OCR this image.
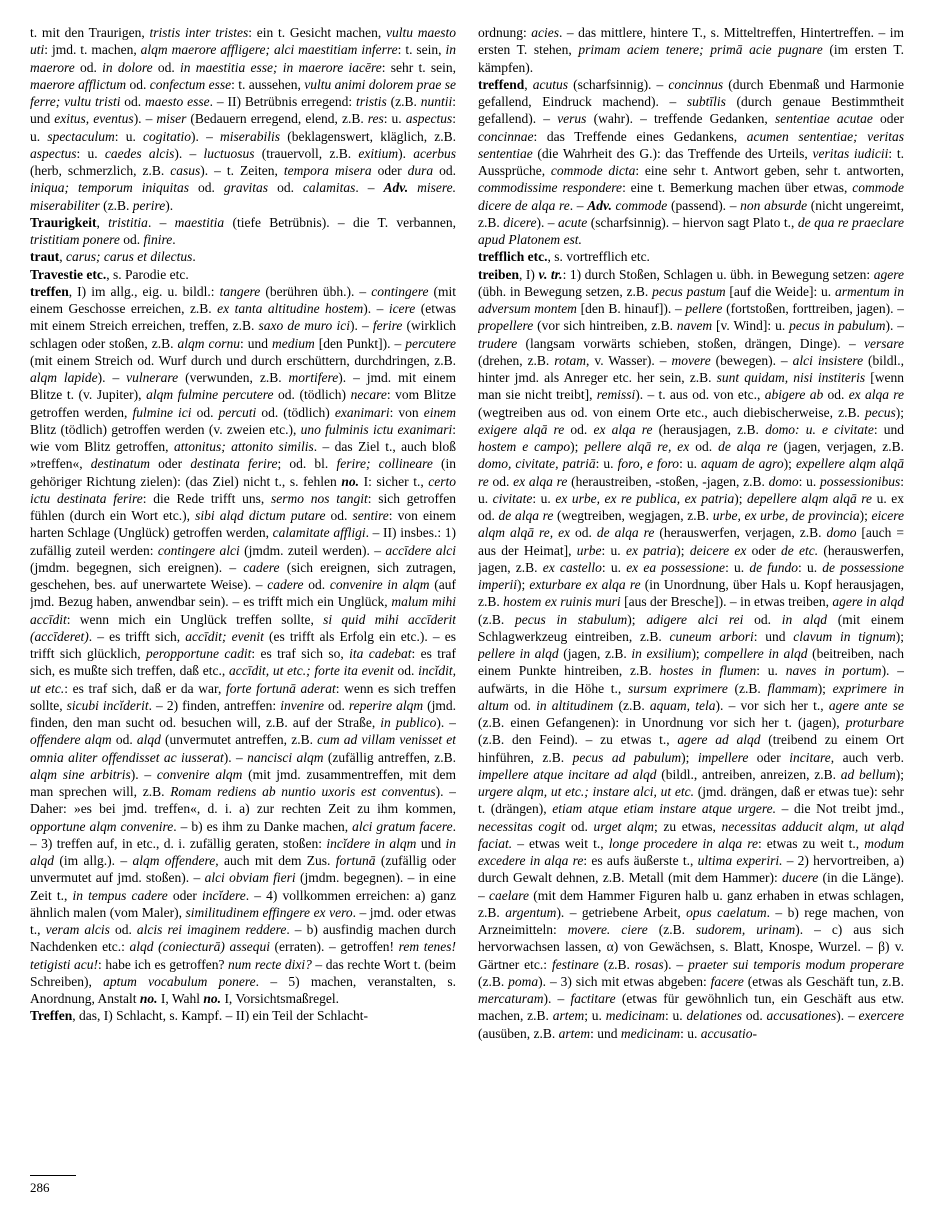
t. mit den Traurigen, tristis inter tristes: ein t. Gesicht machen, vultu maesto uti: jmd. t. machen, alqm maerore affligere; alci maestitiam inferre: t. sein, in maerore od. in dolore od. in maestitia esse; in maerore iacēre: sehr t. sein, maerore afflictum od. confectum esse: t. aussehen, vultu animi dolorem prae se ferre; vultu tristi od. maesto esse. – II) Betrübnis erregend: tristis (z.B. nuntii: und exitus, eventus). – miser (Bedauern erregend, elend, z.B. res: u. aspectus: u. spectaculum: u. cogitatio). – miserabilis (beklagenswert, kläglich, z.B. aspectus: u. caedes alcis). – luctuosus (trauervoll, z.B. exitium). acerbus (herb, schmerzlich, z.B. casus). – t. Zeiten, tempora misera oder dura od. iniqua; temporum iniquitas od. gravitas od. calamitas. – Adv. misere. miserabiliter (z.B. perire).

Traurigkeit, tristitia. – maestitia (tiefe Betrübnis). – die T. verbannen, tristitiam ponere od. finire.

traut, carus; carus et dilectus.

Travestie etc., s. Parodie etc.

treffen, I) im allg., eig. u. bildl.: tangere (berühren übh.). – contingere (mit einem Geschosse erreichen, z.B. ex tanta altitudine hostem). – icere (etwas mit einem Streich erreichen, treffen, z.B. saxo de muro ici). – ferire (wirklich schlagen oder stoßen, z.B. alqm cornu: und medium [den Punkt]). – percutere (mit einem Streich od. Wurf durch und durch erschüttern, durchdringen, z.B. alqm lapide). – vulnerare (verwunden, z.B. mortifere). – jmd. mit einem Blitze t. (v. Jupiter), alqm fulmine percutere od. (tödlich) necare: vom Blitze getroffen werden, fulmine ici od. percuti od. (tödlich) exanimari: von einem Blitz (tödlich) getroffen werden (v. zweien etc.), uno fulminis ictu exanimari: wie vom Blitz getroffen, attonitus; attonito similis. – das Ziel t., auch bloß »treffen«, destinatum oder destinata ferire; od. bl. ferire; collineare (in gehöriger Richtung zielen): (das Ziel) nicht t., s. fehlen no. I: sicher t., certo ictu destinata ferire: die Rede trifft uns, sermo nos tangit: sich getroffen fühlen (durch ein Wort etc.), sibi alqd dictum putare od. sentire: von einem harten Schlage (Unglück) getroffen werden, calamitate affligi. – II) insbes.: 1) zufällig zuteil werden: contingere alci (jmdm. zuteil werden). – accīdere alci (jmdm. begegnen, sich ereignen). – cadere (sich ereignen, sich zutragen, geschehen, bes. auf unerwartete Weise). – cadere od. convenire in alqm (auf jmd. Bezug haben, anwendbar sein). – es trifft mich ein Unglück, malum mihi accīdit: wenn mich ein Unglück treffen sollte, si quid mihi accīderit (accīderet). – es trifft sich, accīdit; evenit (es trifft als Erfolg ein etc.). – es trifft sich glücklich, peropportune cadit: es traf sich so, ita cadebat: es traf sich, es mußte sich treffen, daß etc., accīdit, ut etc.; forte ita evenit od. incĭdit, ut etc.: es traf sich, daß er da war, forte fortunā aderat: wenn es sich treffen sollte, sicubi incĭderit. – 2) finden, antreffen: invenire od. reperire alqm (jmd. finden, den man sucht od. besuchen will, z.B. auf der Straße, in publico). – offendere alqm od. alqd (unvermutet antreffen, z.B. cum ad villam venisset et omnia aliter offendisset ac iusserat). – nancisci alqm (zufällig antreffen, z.B. alqm sine arbitris). – convenire alqm (mit jmd. zusammentreffen, mit dem man sprechen will, z.B. Romam rediens ab nuntio uxoris est conventus). – Daher: »es bei jmd. treffen«, d. i. a) zur rechten Zeit zu ihm kommen, opportune alqm convenire. – b) es ihm zu Danke machen, alci gratum facere. – 3) treffen auf, in etc., d. i. zufällig geraten, stoßen: incĭdere in alqm und in alqd (im allg.). – alqm offendere, auch mit dem Zus. fortunā (zufällig oder unvermutet auf jmd. stoßen). – alci obviam fieri (jmdm. begegnen). – in eine Zeit t., in tempus cadere oder incĭdere. – 4) vollkommen erreichen: a) ganz ähnlich malen (vom Maler), similitudinem effingere ex vero. – jmd. oder etwas t., veram alcis od. alcis rei imaginem reddere. – b) ausfindig machen durch Nachdenken etc.: alqd (coniecturā) assequi (erraten). – getroffen! rem tenes! tetigisti acu!: habe ich es getroffen? num recte dixi? – das rechte Wort t. (beim Schreiben), aptum vocabulum ponere. – 5) machen, veranstalten, s. Anordnung, Anstalt no. I, Wahl no. I, Vorsichtsmaßregel.

Treffen, das, I) Schlacht, s. Kampf. – II) ein Teil der Schlacht-

ordnung: acies. – das mittlere, hintere T., s. Mitteltreffen, Hintertreffen. – im ersten T. stehen, primam aciem tenere; primā acie pugnare (im ersten T. kämpfen).

treffend, acutus (scharfsinnig). – concinnus (durch Ebenmaß und Harmonie gefallend, Eindruck machend). – subtīlis (durch genaue Bestimmtheit gefallend). – verus (wahr). – treffende Gedanken, sententiae acutae oder concinnae: das Treffende eines Gedankens, acumen sententiae; veritas sententiae (die Wahrheit des G.): das Treffende des Urteils, veritas iudicii: t. Aussprüche, commode dicta: eine sehr t. Antwort geben, sehr t. antworten, commodissime respondere: eine t. Bemerkung machen über etwas, commode dicere de alqa re. – Adv. commode (passend). – non absurde (nicht ungereimt, z.B. dicere). – acute (scharfsinnig). – hiervon sagt Plato t., de qua re praeclare apud Platonem est.

trefflich etc., s. vortrefflich etc.

treiben, I) v. tr.: 1) durch Stoßen, Schlagen u. übh. in Bewegung setzen: agere (übh. in Bewegung setzen, z.B. pecus pastum [auf die Weide]: u. armentum in adversum montem [den B. hinauf]). – pellere (fortstoßen, forttreiben, jagen). – propellere (vor sich hintreiben, z.B. navem [v. Wind]: u. pecus in pabulum). – trudere (langsam vorwärts schieben, stoßen, drängen, Dinge). – versare (drehen, z.B. rotam, v. Wasser). – movere (bewegen). – alci insistere (bildl., hinter jmd. als Anreger etc. her sein, z.B. sunt quidam, nisi institeris [wenn man sie nicht treibt], remissi). – t. aus od. von etc., abigere ab od. ex alqa re (wegtreiben aus od. von einem Orte etc., auch diebischerweise, z.B. pecus); exigere alqā re od. ex alqa re (herausjagen, z.B. domo: u. e civitate: und hostem e campo); pellere alqā re, ex od. de alqa re (jagen, verjagen, z.B. domo, civitate, patriā: u. foro, e foro: u. aquam de agro); expellere alqm alqā re od. ex alqa re (heraustreiben, -stoßen, -jagen, z.B. domo: u. possessionibus: u. civitate: u. ex urbe, ex re publica, ex patria); depellere alqm alqā re u. ex od. de alqa re (wegtreiben, wegjagen, z.B. urbe, ex urbe, de provincia); eicere alqm alqā re, ex od. de alqa re (herauswerfen, verjagen, z.B. domo [auch = aus der Heimat], urbe: u. ex patria); deicere ex oder de etc. (herauswerfen, jagen, z.B. ex castello: u. ex ea possessione: u. de fundo: u. de possessione imperii); exturbare ex alqa re (in Unordnung, über Hals u. Kopf herausjagen, z.B. hostem ex ruinis muri [aus der Bresche]). – in etwas treiben, agere in alqd (z.B. pecus in stabulum); adigere alci rei od. in alqd (mit einem Schlagwerkzeug eintreiben, z.B. cuneum arbori: und clavum in tignum); pellere in alqd (jagen, z.B. in exsilium); compellere in alqd (beitreiben, nach einem Punkte hintreiben, z.B. hostes in flumen: u. naves in portum). – aufwärts, in die Höhe t., sursum exprimere (z.B. flammam); exprimere in altum od. in altitudinem (z.B. aquam, tela). – vor sich her t., agere ante se (z.B. einen Gefangenen): in Unordnung vor sich her t. (jagen), proturbare (z.B. den Feind). – zu etwas t., agere ad alqd (treibend zu einem Ort hinführen, z.B. pecus ad pabulum); impellere oder incitare, auch verb. impellere atque incitare ad alqd (bildl., antreiben, anreizen, z.B. ad bellum); urgere alqm, ut etc.; instare alci, ut etc. (jmd. drängen, daß er etwas tue): sehr t. (drängen), etiam atque etiam instare atque urgere. – die Not treibt jmd., necessitas cogit od. urget alqm; zu etwas, necessitas adducit alqm, ut alqd faciat. – etwas weit t., longe procedere in alqa re: etwas zu weit t., modum excedere in alqa re: es aufs äußerste t., ultima experiri. – 2) hervortreiben, a) durch Gewalt dehnen, z.B. Metall (mit dem Hammer): ducere (in die Länge). – caelare (mit dem Hammer Figuren halb u. ganz erhaben in etwas schlagen, z.B. argentum). – getriebene Arbeit, opus caelatum. – b) rege machen, von Arzneimitteln: movere. ciere (z.B. sudorem, urinam). – c) aus sich hervorwachsen lassen, α) von Gewächsen, s. Blatt, Knospe, Wurzel. – β) v. Gärtner etc.: festinare (z.B. rosas). – praeter sui temporis modum properare (z.B. poma). – 3) sich mit etwas abgeben: facere (etwas als Geschäft tun, z.B. mercaturam). – factitare (etwas für gewöhnlich tun, ein Geschäft aus etw. machen, z.B. artem; u. medicinam: u. delationes od. accusationes). – exercere (ausüben, z.B. artem: und medicinam: u. accusatio-

286
